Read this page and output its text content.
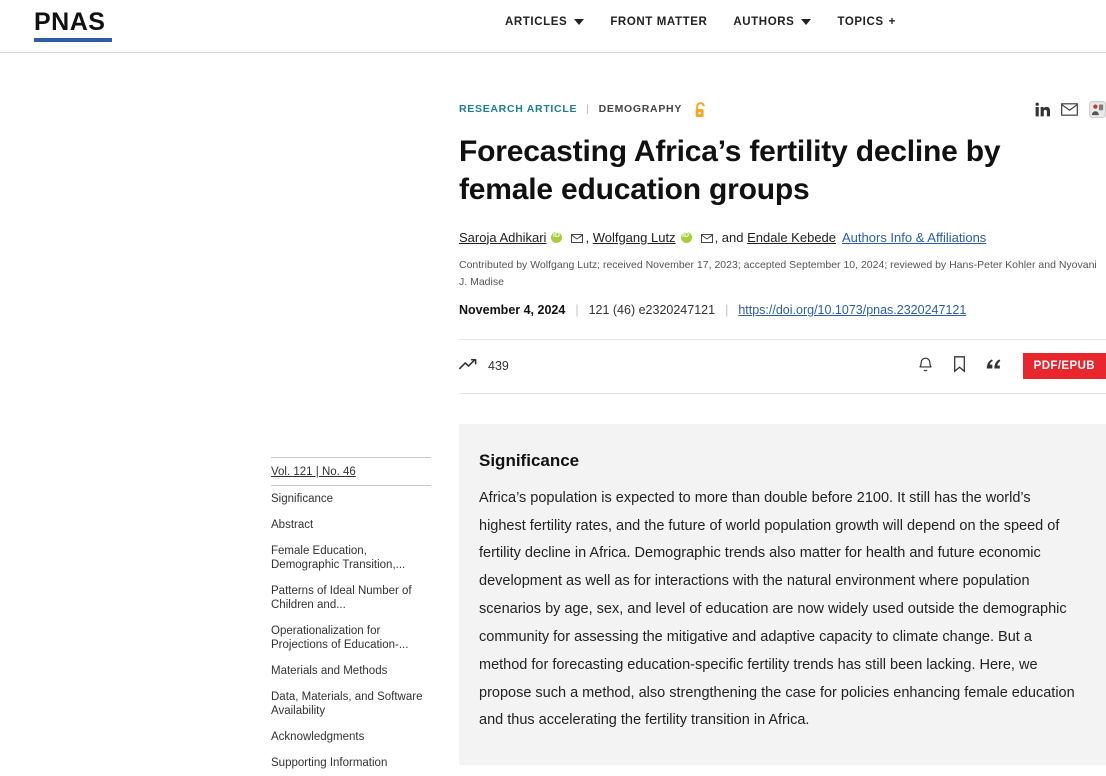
PNAS	ARTICLES	FRONT MATTER AUTHORS	TOPICS +
Vol. 121 | No. 46
Significance
Abstract
Female Education, Demographic Transition,...
Patterns of Ideal Number of Children and...
Operationalization for Projections of Education-...
Materials and Methods
Data, Materials, and Software Availability
Acknowledgments
Supporting Information
RESEARCH ARTICLE | DEMOGRAPHY
Forecasting Africa’s fertility decline by female education groups
Saroja Adhikari iD	, Wolfgang Lutz iD	, and Endale Kebede Authors Info & Affiliations
Contributed by Wolfgang Lutz; received November 17, 2023; accepted September 10, 2024; reviewed by Hans-Peter Kohler and Nyovani J. Madise
November 4, 2024 | 121 (46) e2320247121 | https://doi.org/10.1073/pnas.2320247121
439	PDF/EPUB
Significance

Africa’s population is expected to more than double before 2100. It still has the world’s highest fertility rates, and the future of world population growth will depend on the speed of fertility decline in Africa. Demographic trends also matter for health and future economic development as well as for interactions with the natural environment where population scenarios by age, sex, and level of education are now widely used outside the demographic community for assessing the mitigative and adaptive capacity to climate change. But a method for forecasting education-specific fertility trends has still been lacking. Here, we propose such a method, also strengthening the case for policies enhancing female education and thus accelerating the fertility transition in Africa.
